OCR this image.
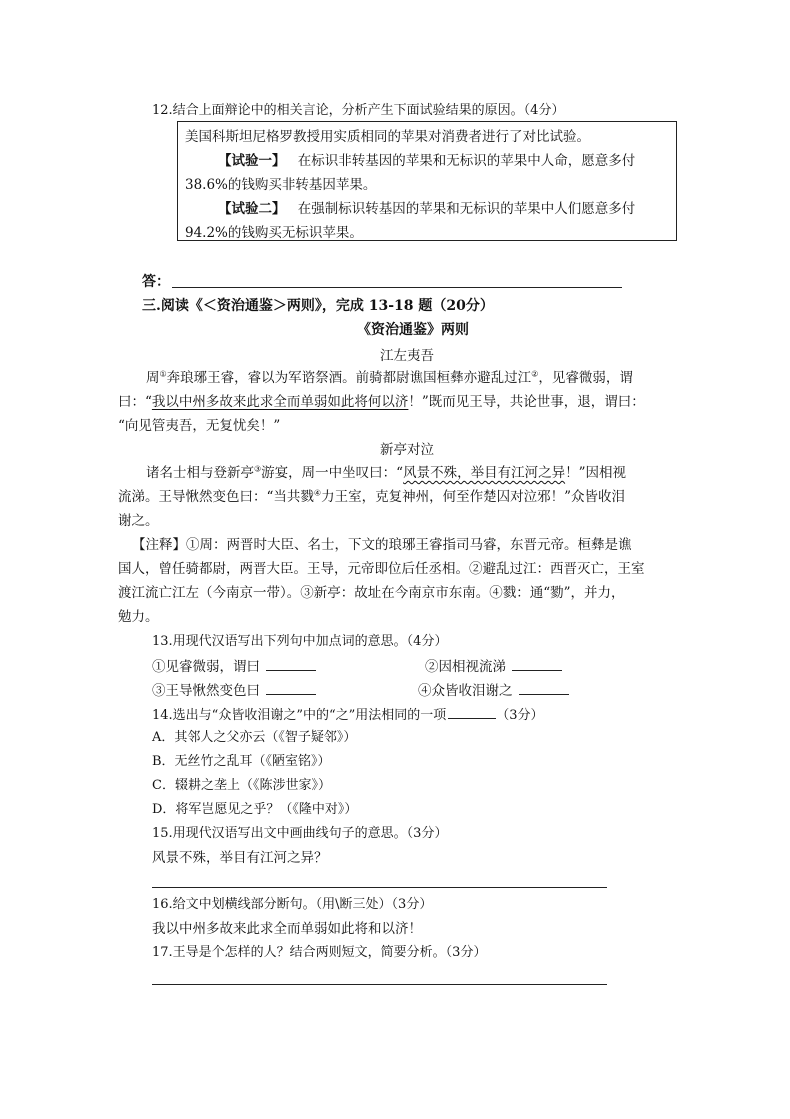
12.结合上面辩论中的相关言论，分析产生下面试验结果的原因。（4分）
美国科斯坦尼格罗教授用实质相同的苹果对消费者进行了对比试验。
【试验一】 在标识非转基因的苹果和无标识的苹果中人命，愿意多付
38.6%的钱购买非转基因苹果。
【试验二】 在强制标识转基因的苹果和无标识的苹果中人们愿意多付
94.2%的钱购买无标识苹果。
答：
三.阅读《＜资治通鉴＞两则》，完成 13-18 题（20分）
《资治通鉴》两则
江左夷吾
周①奔琅琊王睿，睿以为军谘祭酒。前骑都尉谯国桓彝亦避乱过江②，见睿微弱，谓
曰：“我以中州多故来此求全而单弱如此将何以济！”既而见王导，共论世事，退，谓曰：
“向见管夷吾，无复忧矣！”
新亭对泣
诸名士相与登新亭③游宴，周一中坐叹曰：“风景不殊，举目有江河之异！”因相视
流涕。王导愀然变色曰：“当共戮④力王室，克复神州，何至作楚囚对泣邪！”众皆收泪
谢之。
【注释】①周：两晋时大臣、名士，下文的琅琊王睿指司马睿，东晋元帝。桓彝是谯
国人，曾任骑都尉，两晋大臣。王导，元帝即位后任丞相。②避乱过江：西晋灭亡，王室
渡江流亡江左（今南京一带）。③新亭：故址在今南京市东南。④戮：通“勠”，并力，
勉力。
13.用现代汉语写出下列句中加点词的意思。（4分）
①见睿微弱，谓曰	②因相视流涕
③王导愀然变色曰	④众皆收泪谢之
14.选出与“众皆收泪谢之”中的“之”用法相同的一项	（3分）
A．其邻人之父亦云（《智子疑邻》）
B．无丝竹之乱耳（《陋室铭》）
C．辍耕之垄上（《陈涉世家》）
D．将军岂愿见之乎？（《隆中对》）
15.用现代汉语写出文中画曲线句子的意思。（3分）
风景不殊，举目有江河之异？
16.给文中划横线部分断句。（用\断三处）（3分）
我以中州多故来此求全而单弱如此将和以济！
17.王导是个怎样的人？结合两则短文，简要分析。（3分）
